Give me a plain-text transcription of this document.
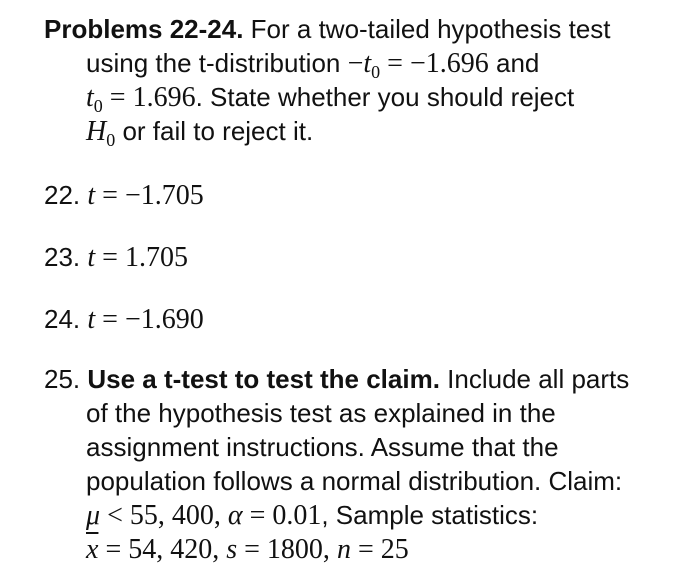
Problems 22-24. For a two-tailed hypothesis test
using the t-distribution $-t_0 = -1.696$ and
$t_0 = 1.696$. State whether you should reject
$H_0$ or fail to reject it.
22. t = −1.705
23. t = 1.705
24. t = −1.690
25. Use a t-test to test the claim. Include all parts
of the hypothesis test as explained in the
assignment instructions. Assume that the
population follows a normal distribution. Claim:
μ < 55, 400, α = 0.01, Sample statistics:
$\overline{x} = 54$, 420, s = 1800, n = 25
